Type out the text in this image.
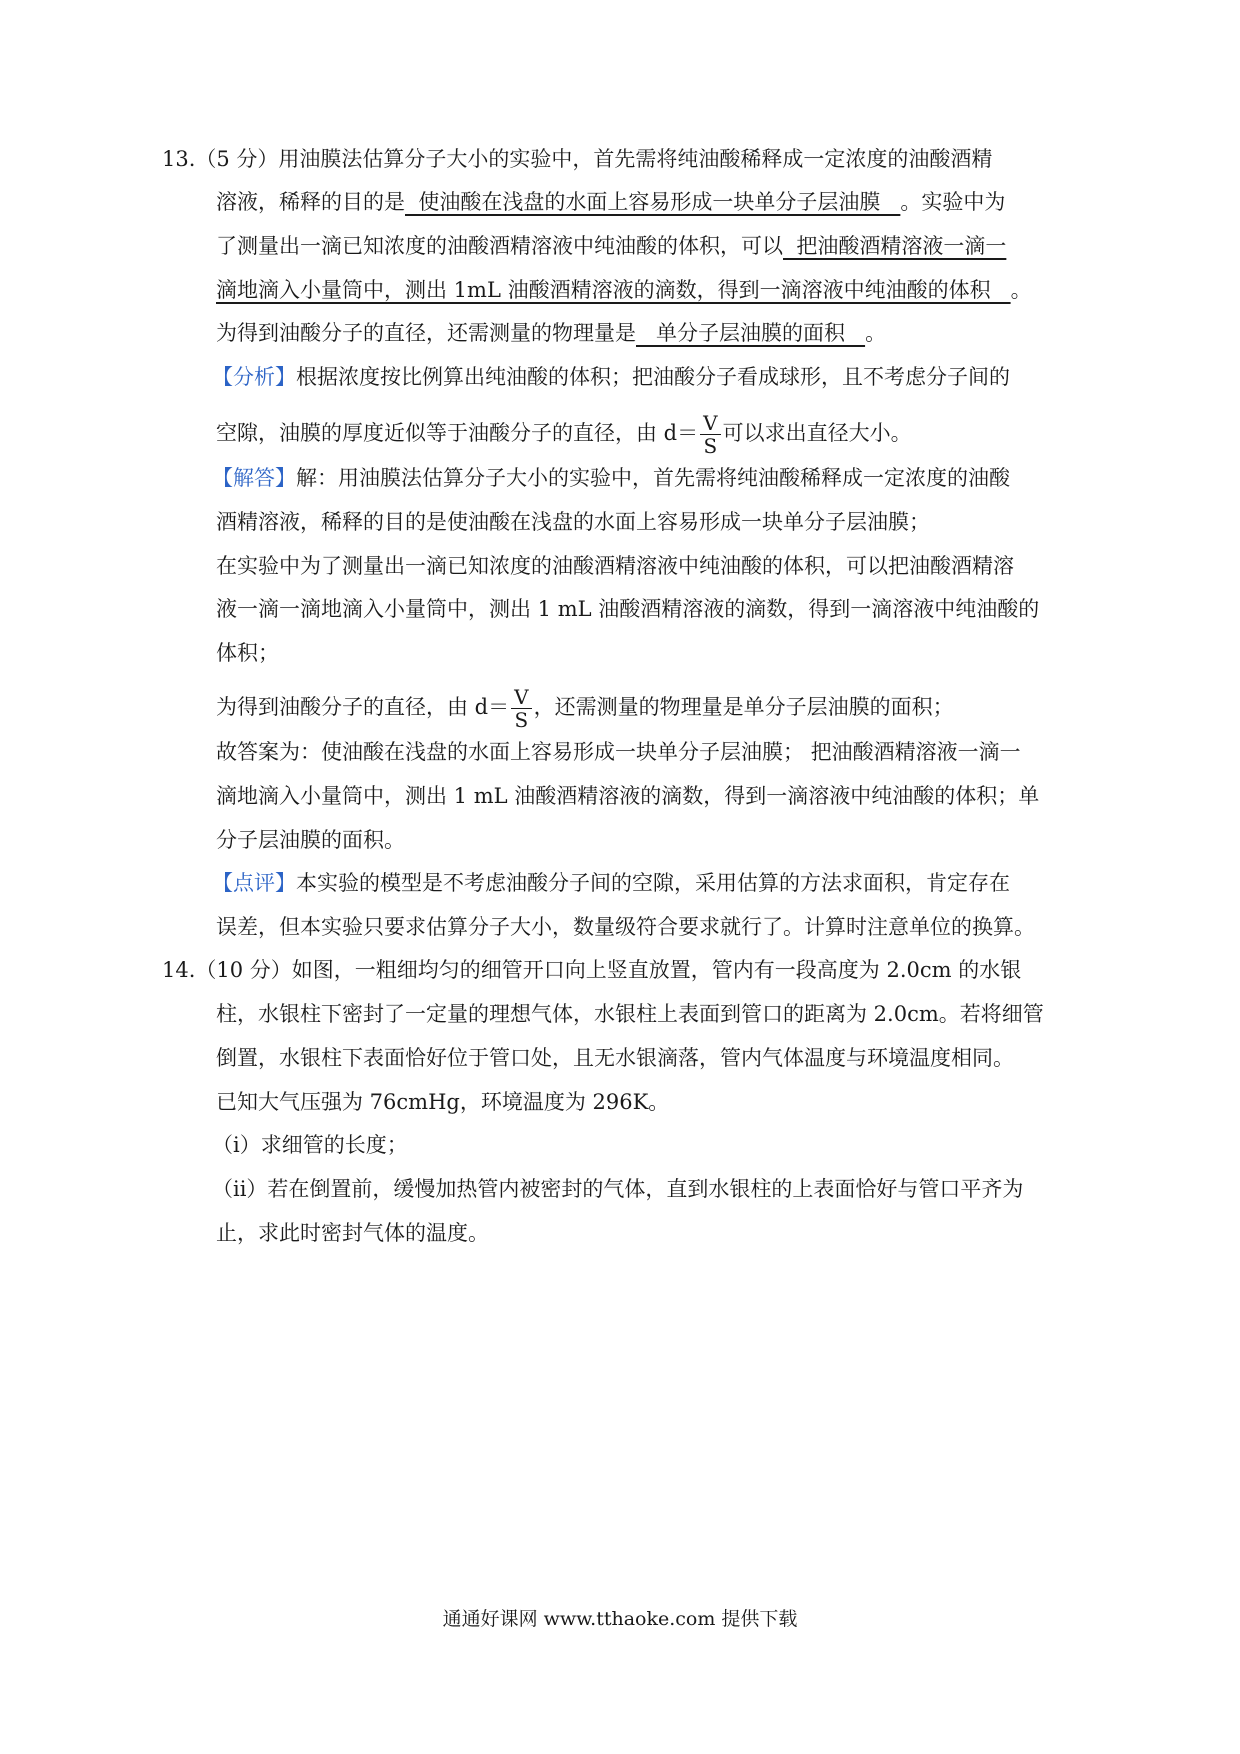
13.（5 分）用油膜法估算分子大小的实验中，首先需将纯油酸稀释成一定浓度的油酸酒精
溶液，稀释的目的是  使油酸在浅盘的水面上容易形成一块单分子层油膜   。实验中为
了测量出一滴已知浓度的油酸酒精溶液中纯油酸的体积，可以  把油酸酒精溶液一滴一
滴地滴入小量筒中，测出 1mL 油酸酒精溶液的滴数，得到一滴溶液中纯油酸的体积   。
为得到油酸分子的直径，还需测量的物理量是   单分子层油膜的面积   。
【分析】根据浓度按比例算出纯油酸的体积；把油酸分子看成球形，且不考虑分子间的
空隙，油膜的厚度近似等于油酸分子的直径，由 $d= \frac{V}{S}$ 可以求出直径大小。
【解答】解：用油膜法估算分子大小的实验中，首先需将纯油酸稀释成一定浓度的油酸
酒精溶液，稀释的目的是使油酸在浅盘的水面上容易形成一块单分子层油膜；
在实验中为了测量出一滴已知浓度的油酸酒精溶液中纯油酸的体积，可以把油酸酒精溶
液一滴一滴地滴入小量筒中，测出 1 mL 油酸酒精溶液的滴数，得到一滴溶液中纯油酸的
体积；
为得到油酸分子的直径，由 $d= \frac{V}{S}$ ，还需测量的物理量是单分子层油膜的面积；
故答案为：使油酸在浅盘的水面上容易形成一块单分子层油膜； 把油酸酒精溶液一滴一
滴地滴入小量筒中，测出 1 mL 油酸酒精溶液的滴数，得到一滴溶液中纯油酸的体积；单
分子层油膜的面积。
【点评】本实验的模型是不考虑油酸分子间的空隙，采用估算的方法求面积，肯定存在
误差，但本实验只要求估算分子大小，数量级符合要求就行了。计算时注意单位的换算。
14.（10 分）如图，一粗细均匀的细管开口向上竖直放置，管内有一段高度为 2.0cm 的水银
柱，水银柱下密封了一定量的理想气体，水银柱上表面到管口的距离为 2.0cm。若将细管
倒置，水银柱下表面恰好位于管口处，且无水银滴落，管内气体温度与环境温度相同。
已知大气压强为 76cmHg，环境温度为 296K。
（i）求细管的长度；
（ii）若在倒置前，缓慢加热管内被密封的气体，直到水银柱的上表面恰好与管口平齐为
止，求此时密封气体的温度。
通通好课网 www.tthaoke.com 提供下载
